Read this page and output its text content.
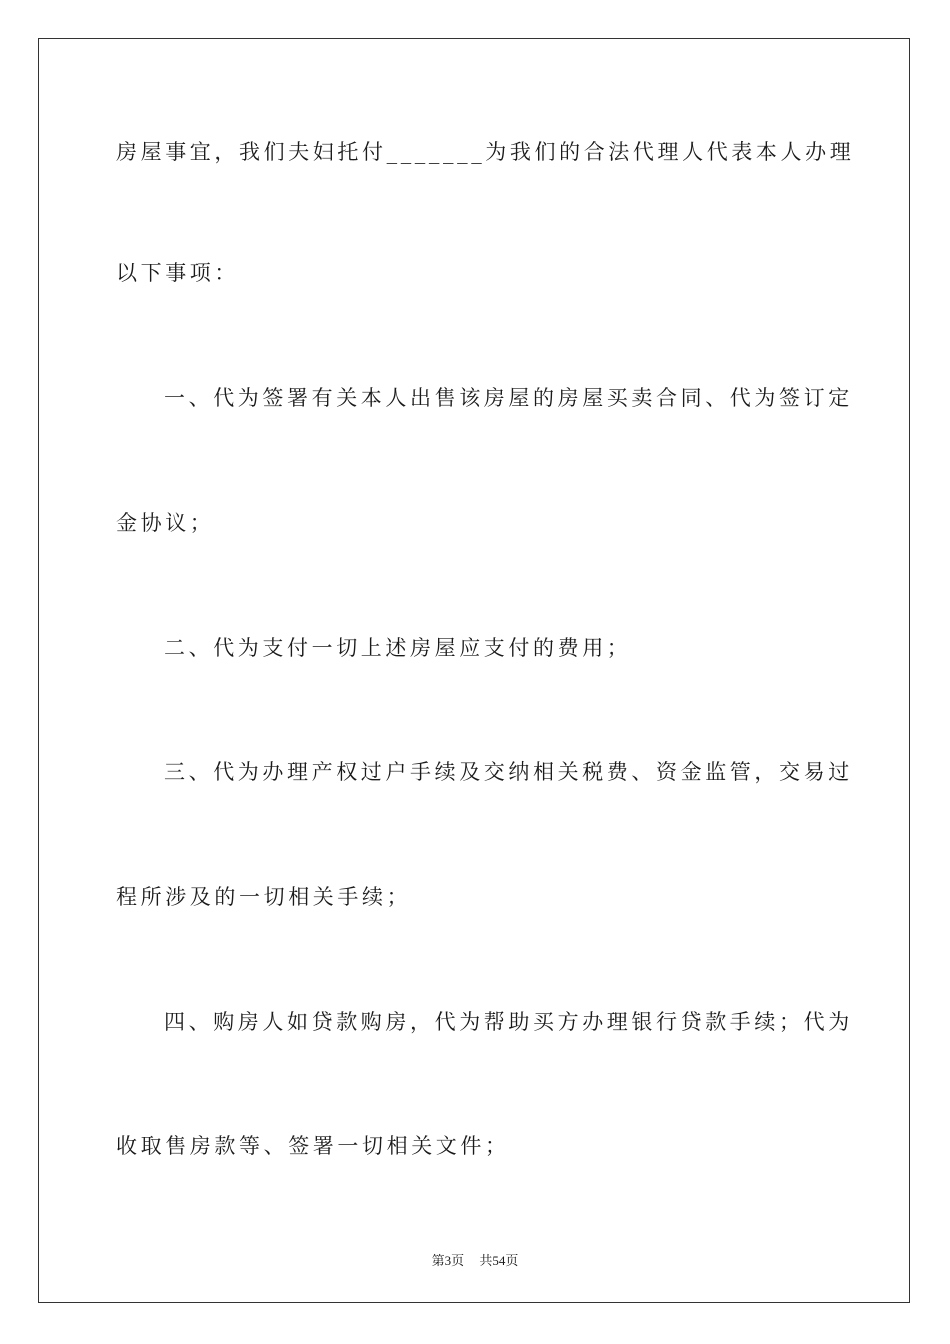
房屋事宜，我们夫妇托付_______为我们的合法代理人代表本人办理
以下事项：
一、代为签署有关本人出售该房屋的房屋买卖合同、代为签订定
金协议；
二、代为支付一切上述房屋应支付的费用；
三、代为办理产权过户手续及交纳相关税费、资金监管，交易过
程所涉及的一切相关手续；
四、购房人如贷款购房，代为帮助买方办理银行贷款手续；代为
收取售房款等、签署一切相关文件；
第3页 共54页
